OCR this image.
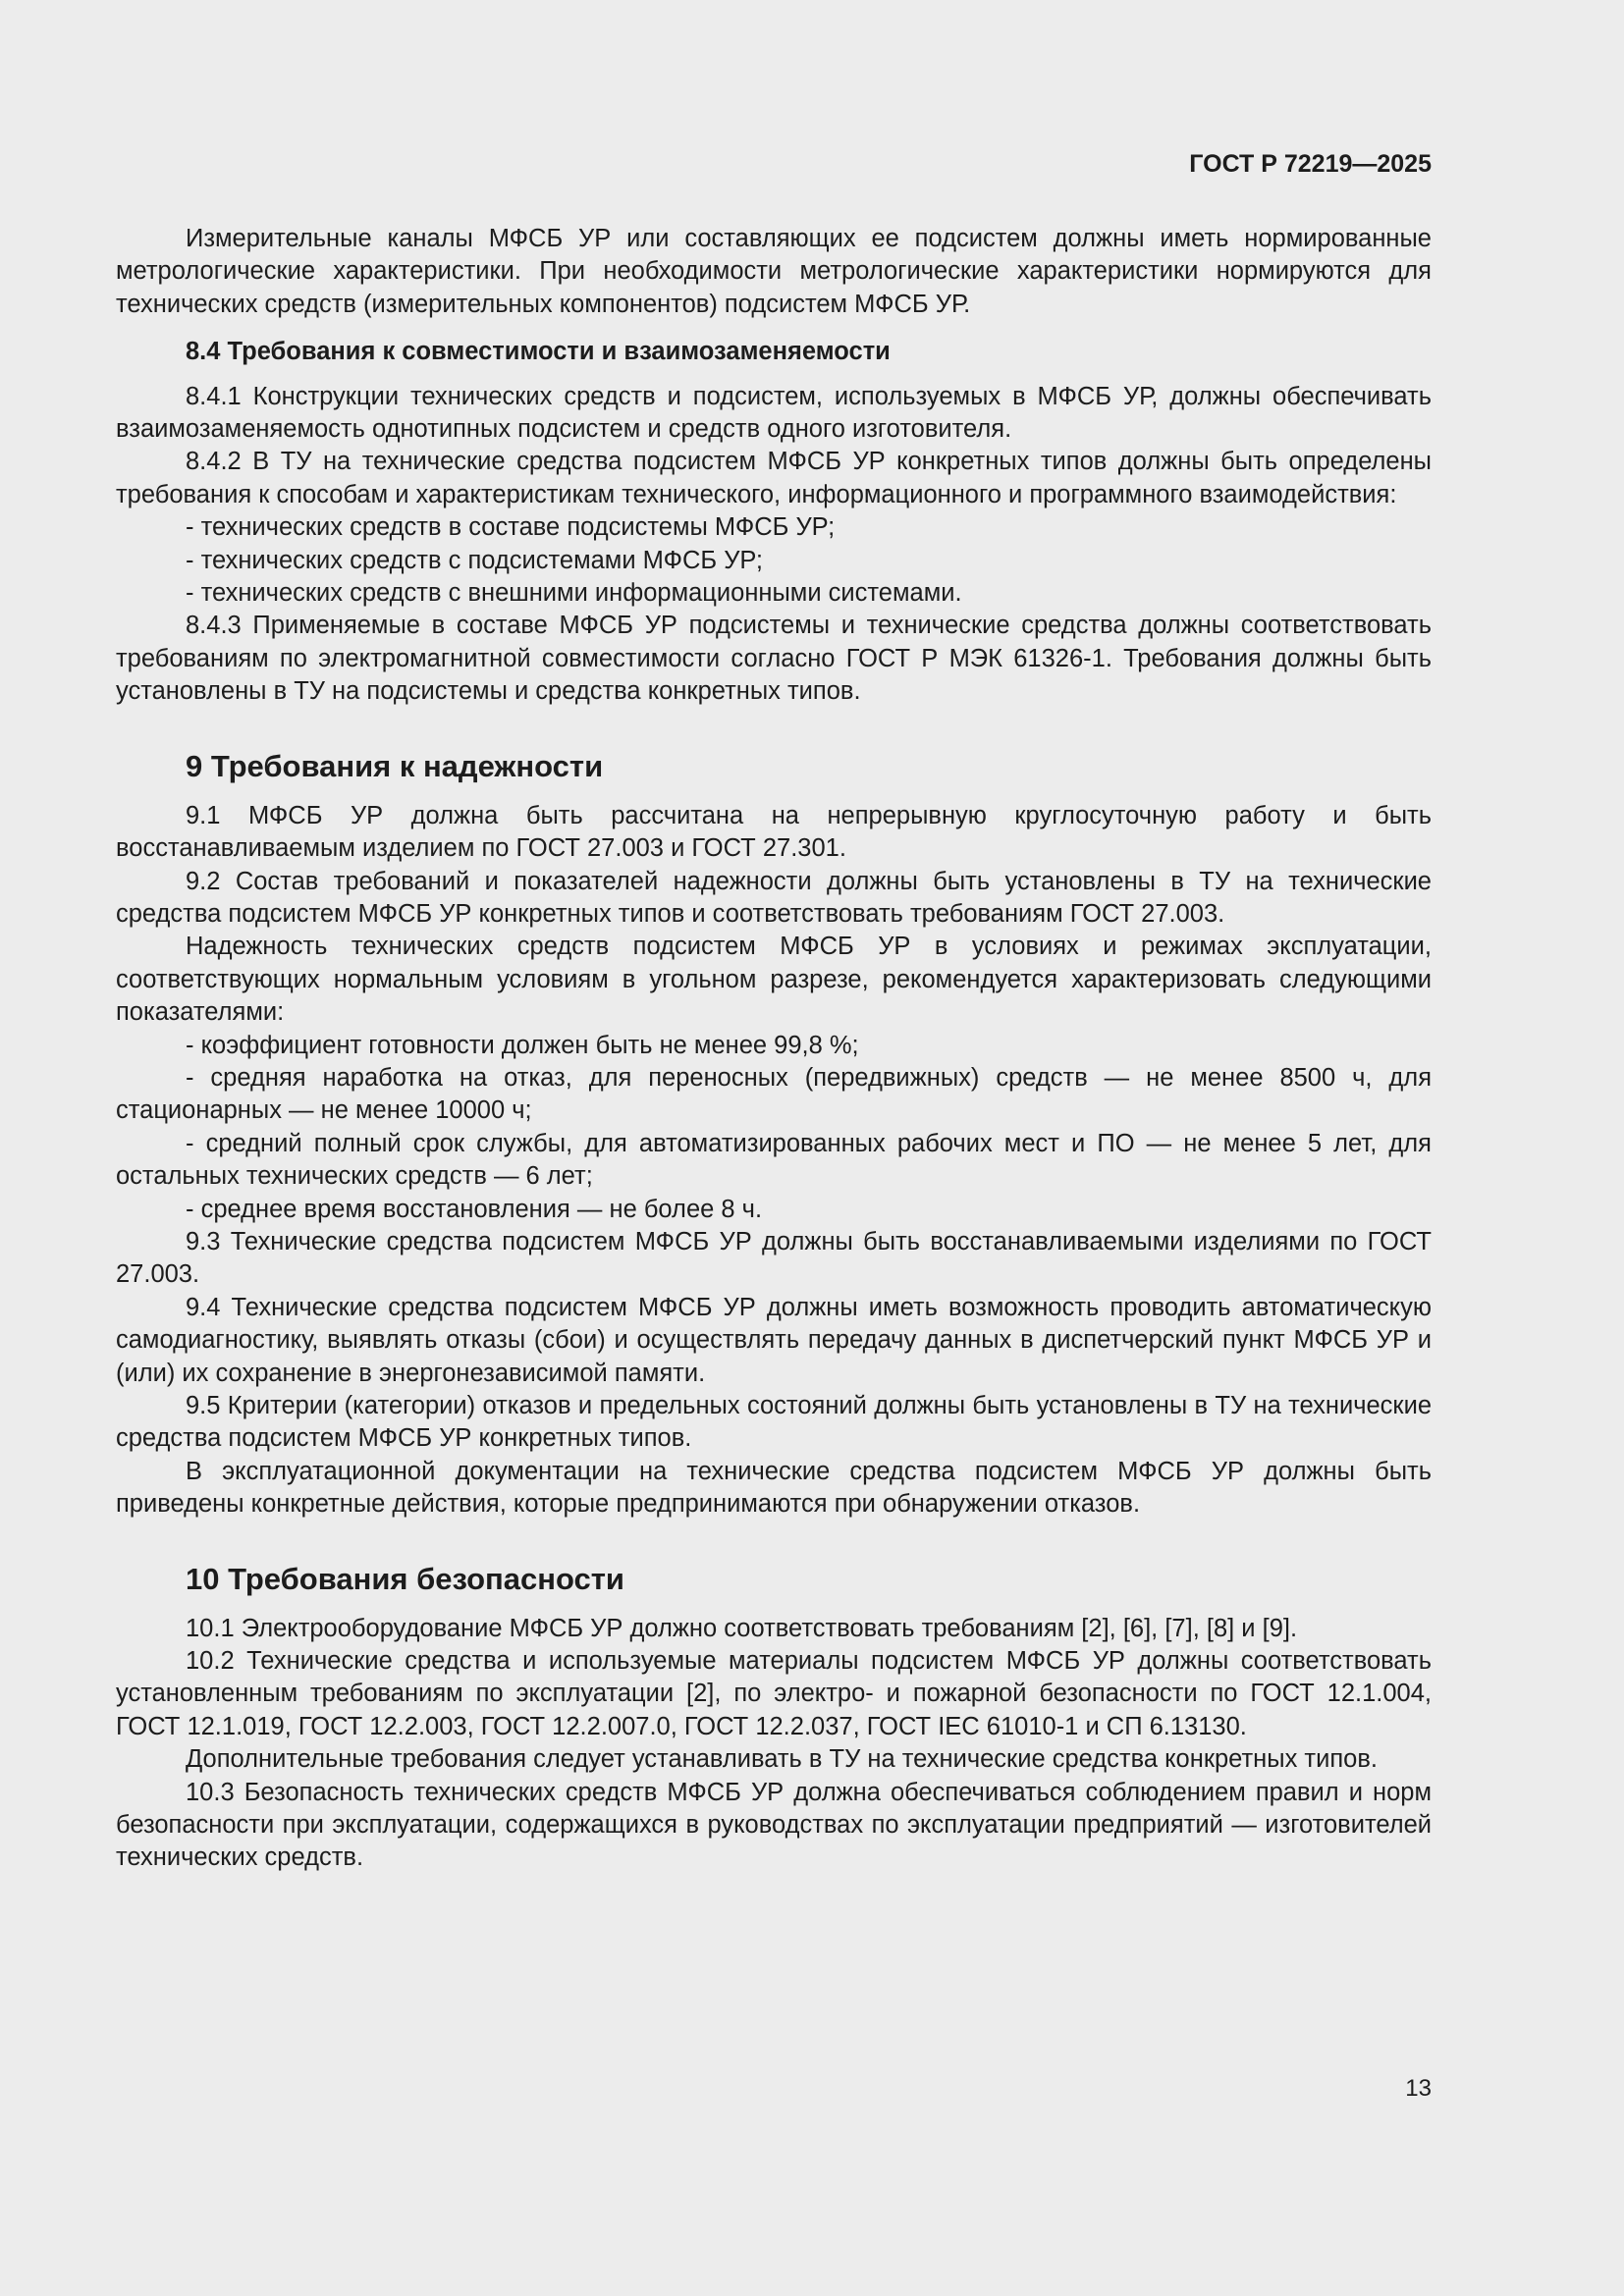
ГОСТ Р 72219—2025

Измерительные каналы МФСБ УР или составляющих ее подсистем должны иметь нормированные метрологические характеристики. При необходимости метрологические характеристики нормируются для технических средств (измерительных компонентов) подсистем МФСБ УР.

8.4 Требования к совместимости и взаимозаменяемости

8.4.1 Конструкции технических средств и подсистем, используемых в МФСБ УР, должны обеспечивать взаимозаменяемость однотипных подсистем и средств одного изготовителя.

8.4.2 В ТУ на технические средства подсистем МФСБ УР конкретных типов должны быть определены требования к способам и характеристикам технического, информационного и программного взаимодействия:

- технических средств в составе подсистемы МФСБ УР;

- технических средств с подсистемами МФСБ УР;

- технических средств с внешними информационными системами.

8.4.3 Применяемые в составе МФСБ УР подсистемы и технические средства должны соответствовать требованиям по электромагнитной совместимости согласно ГОСТ Р МЭК 61326-1. Требования должны быть установлены в ТУ на подсистемы и средства конкретных типов.

9 Требования к надежности

9.1 МФСБ УР должна быть рассчитана на непрерывную круглосуточную работу и быть восстанавливаемым изделием по ГОСТ 27.003 и ГОСТ 27.301.

9.2 Состав требований и показателей надежности должны быть установлены в ТУ на технические средства подсистем МФСБ УР конкретных типов и соответствовать требованиям ГОСТ 27.003.

Надежность технических средств подсистем МФСБ УР в условиях и режимах эксплуатации, соответствующих нормальным условиям в угольном разрезе, рекомендуется характеризовать следующими показателями:

- коэффициент готовности должен быть не менее 99,8 %;

- средняя наработка на отказ, для переносных (передвижных) средств — не менее 8500 ч, для стационарных — не менее 10000 ч;

- средний полный срок службы, для автоматизированных рабочих мест и ПО — не менее 5 лет, для остальных технических средств — 6 лет;

- среднее время восстановления — не более 8 ч.

9.3 Технические средства подсистем МФСБ УР должны быть восстанавливаемыми изделиями по ГОСТ 27.003.

9.4 Технические средства подсистем МФСБ УР должны иметь возможность проводить автоматическую самодиагностику, выявлять отказы (сбои) и осуществлять передачу данных в диспетчерский пункт МФСБ УР и (или) их сохранение в энергонезависимой памяти.

9.5 Критерии (категории) отказов и предельных состояний должны быть установлены в ТУ на технические средства подсистем МФСБ УР конкретных типов.

В эксплуатационной документации на технические средства подсистем МФСБ УР должны быть приведены конкретные действия, которые предпринимаются при обнаружении отказов.

10 Требования безопасности

10.1 Электрооборудование МФСБ УР должно соответствовать требованиям [2], [6], [7], [8] и [9].

10.2 Технические средства и используемые материалы подсистем МФСБ УР должны соответствовать установленным требованиям по эксплуатации [2], по электро- и пожарной безопасности по ГОСТ 12.1.004, ГОСТ 12.1.019, ГОСТ 12.2.003, ГОСТ 12.2.007.0, ГОСТ 12.2.037, ГОСТ IEC 61010-1 и СП 6.13130.

Дополнительные требования следует устанавливать в ТУ на технические средства конкретных типов.

10.3 Безопасность технических средств МФСБ УР должна обеспечиваться соблюдением правил и норм безопасности при эксплуатации, содержащихся в руководствах по эксплуатации предприятий — изготовителей технических средств.

13
